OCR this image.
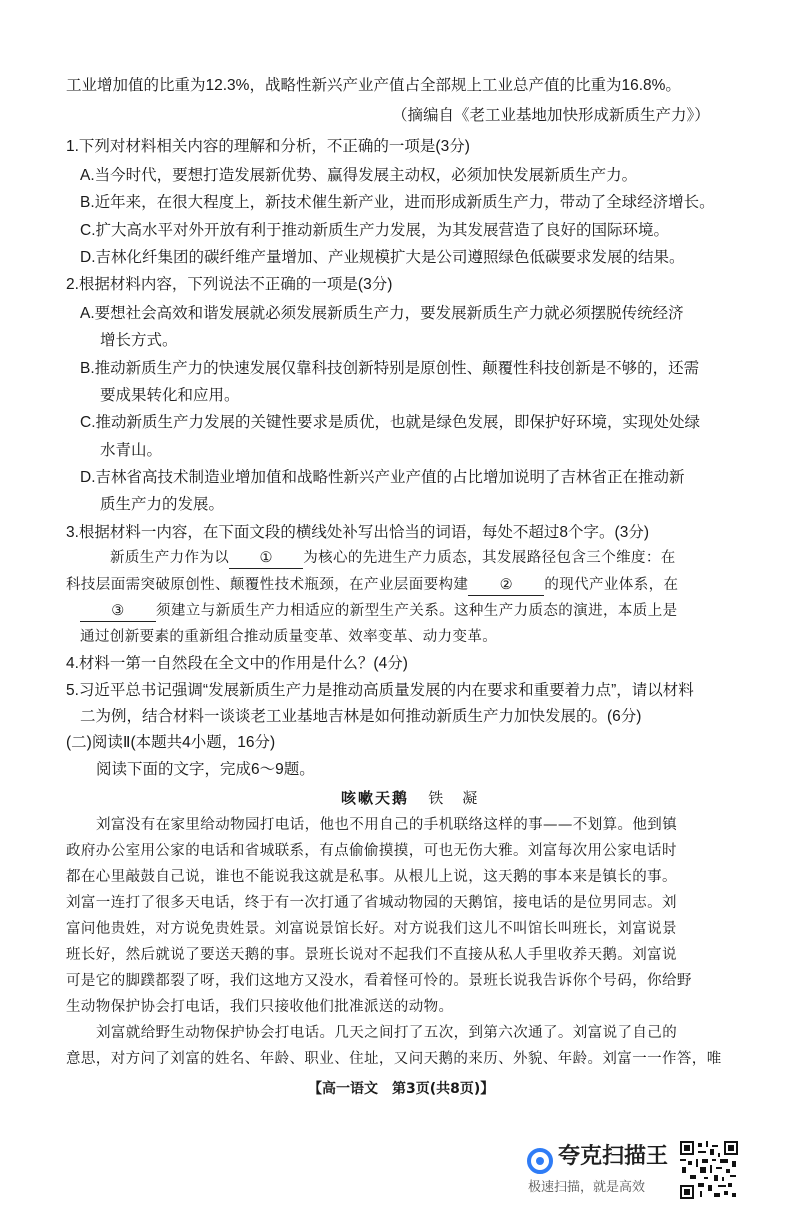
工业增加值的比重为12.3%，战略性新兴产业产值占全部规上工业总产值的比重为16.8%。
（摘编自《老工业基地加快形成新质生产力》）
1.下列对材料相关内容的理解和分析，不正确的一项是(3分)
A.当今时代，要想打造发展新优势、赢得发展主动权，必须加快发展新质生产力。
B.近年来，在很大程度上，新技术催生新产业，进而形成新质生产力，带动了全球经济增长。
C.扩大高水平对外开放有利于推动新质生产力发展，为其发展营造了良好的国际环境。
D.吉林化纤集团的碳纤维产量增加、产业规模扩大是公司遵照绿色低碳要求发展的结果。
2.根据材料内容，下列说法不正确的一项是(3分)
A.要想社会高效和谐发展就必须发展新质生产力，要发展新质生产力就必须摆脱传统经济
增长方式。
B.推动新质生产力的快速发展仅靠科技创新特别是原创性、颠覆性科技创新是不够的，还需
要成果转化和应用。
C.推动新质生产力发展的关键性要求是质优，也就是绿色发展，即保护好环境，实现处处绿
水青山。
D.吉林省高技术制造业增加值和战略性新兴产业产值的占比增加说明了吉林省正在推动新
质生产力的发展。
3.根据材料一内容，在下面文段的横线处补写出恰当的词语，每处不超过8个字。(3分)
新质生产力作为以 ① 为核心的先进生产力质态，其发展路径包含三个维度：在
科技层面需突破原创性、颠覆性技术瓶颈，在产业层面要构建 ② 的现代产业体系，在
③ 须建立与新质生产力相适应的新型生产关系。这种生产力质态的演进，本质上是
通过创新要素的重新组合推动质量变革、效率变革、动力变革。
4.材料一第一自然段在全文中的作用是什么？(4分)
5.习近平总书记强调“发展新质生产力是推动高质量发展的内在要求和重要着力点”，请以材料
二为例，结合材料一谈谈老工业基地吉林是如何推动新质生产力加快发展的。(6分)
(二)阅读Ⅱ(本题共4小题，16分)
阅读下面的文字，完成6～9题。
咳嗽天鹅 铁　凝
刘富没有在家里给动物园打电话，他也不用自己的手机联络这样的事——不划算。他到镇
政府办公室用公家的电话和省城联系，有点偷偷摸摸，可也无伤大雅。刘富每次用公家电话时
都在心里敲鼓自己说，谁也不能说我这就是私事。从根儿上说，这天鹅的事本来是镇长的事。
刘富一连打了很多天电话，终于有一次打通了省城动物园的天鹅馆，接电话的是位男同志。刘
富问他贵姓，对方说免贵姓景。刘富说景馆长好。对方说我们这儿不叫馆长叫班长，刘富说景
班长好，然后就说了要送天鹅的事。景班长说对不起我们不直接从私人手里收养天鹅。刘富说
可是它的脚蹼都裂了呀，我们这地方又没水，看着怪可怜的。景班长说我告诉你个号码，你给野
生动物保护协会打电话，我们只接收他们批准派送的动物。
刘富就给野生动物保护协会打电话。几天之间打了五次，到第六次通了。刘富说了自己的
意思，对方问了刘富的姓名、年龄、职业、住址，又问天鹅的来历、外貌、年龄。刘富一一作答，唯
【高一语文　第3页(共8页)】
夸克扫描王
极速扫描，就是高效
